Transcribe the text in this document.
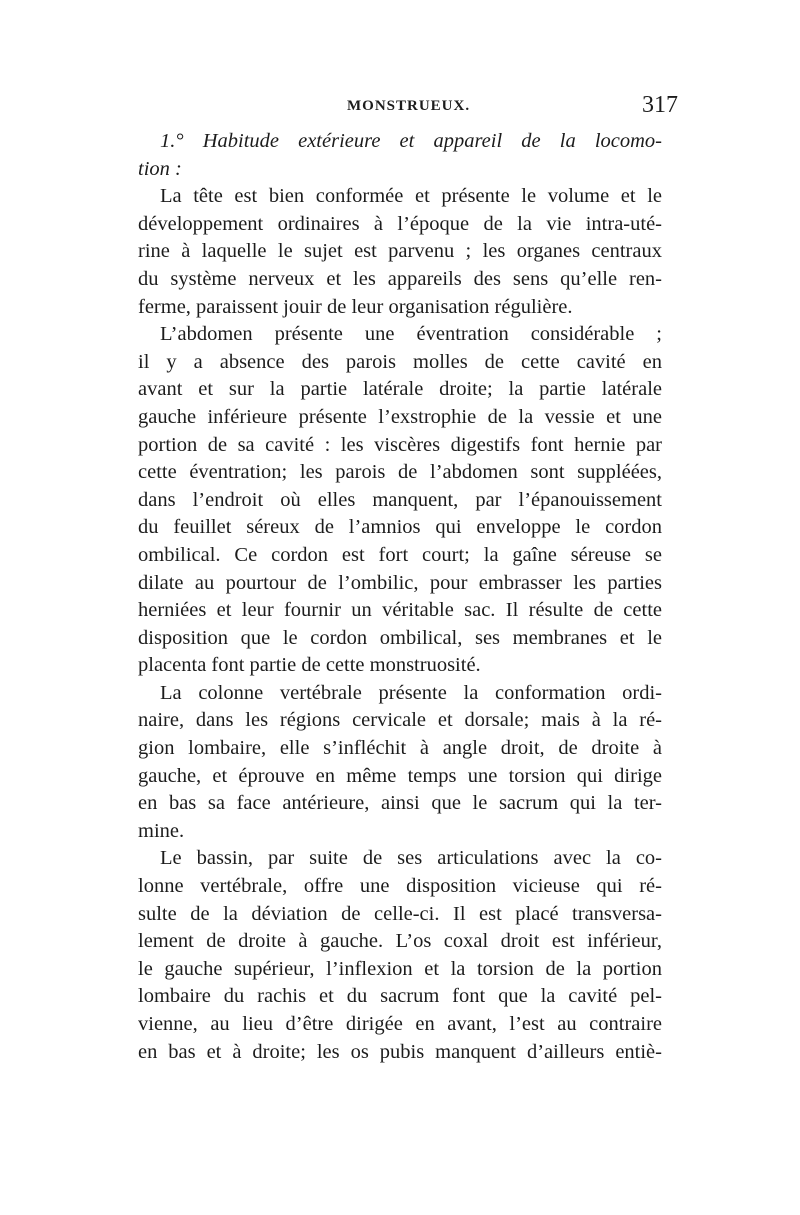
MONSTRUEUX.	317
1.° Habitude extérieure et appareil de la locomo-
tion :
La tête est bien conformée et présente le volume et le
développement ordinaires à l’époque de la vie intra-uté-
rine à laquelle le sujet est parvenu ; les organes centraux
du système nerveux et les appareils des sens qu’elle ren-
ferme, paraissent jouir de leur organisation régulière.
L’abdomen présente une éventration considérable ;
il y a absence des parois molles de cette cavité en
avant et sur la partie latérale droite; la partie latérale
gauche inférieure présente l’exstrophie de la vessie et une
portion de sa cavité : les viscères digestifs font hernie par
cette éventration; les parois de l’abdomen sont suppléées,
dans l’endroit où elles manquent, par l’épanouissement
du feuillet séreux de l’amnios qui enveloppe le cordon
ombilical. Ce cordon est fort court; la gaîne séreuse se
dilate au pourtour de l’ombilic, pour embrasser les parties
herniées et leur fournir un véritable sac. Il résulte de cette
disposition que le cordon ombilical, ses membranes et le
placenta font partie de cette monstruosité.
La colonne vertébrale présente la conformation ordi-
naire, dans les régions cervicale et dorsale; mais à la ré-
gion lombaire, elle s’infléchit à angle droit, de droite à
gauche, et éprouve en même temps une torsion qui dirige
en bas sa face antérieure, ainsi que le sacrum qui la ter-
mine.
Le bassin, par suite de ses articulations avec la co-
lonne vertébrale, offre une disposition vicieuse qui ré-
sulte de la déviation de celle-ci. Il est placé transversa-
lement de droite à gauche. L’os coxal droit est inférieur,
le gauche supérieur, l’inflexion et la torsion de la portion
lombaire du rachis et du sacrum font que la cavité pel-
vienne, au lieu d’être dirigée en avant, l’est au contraire
en bas et à droite; les os pubis manquent d’ailleurs entiè-
